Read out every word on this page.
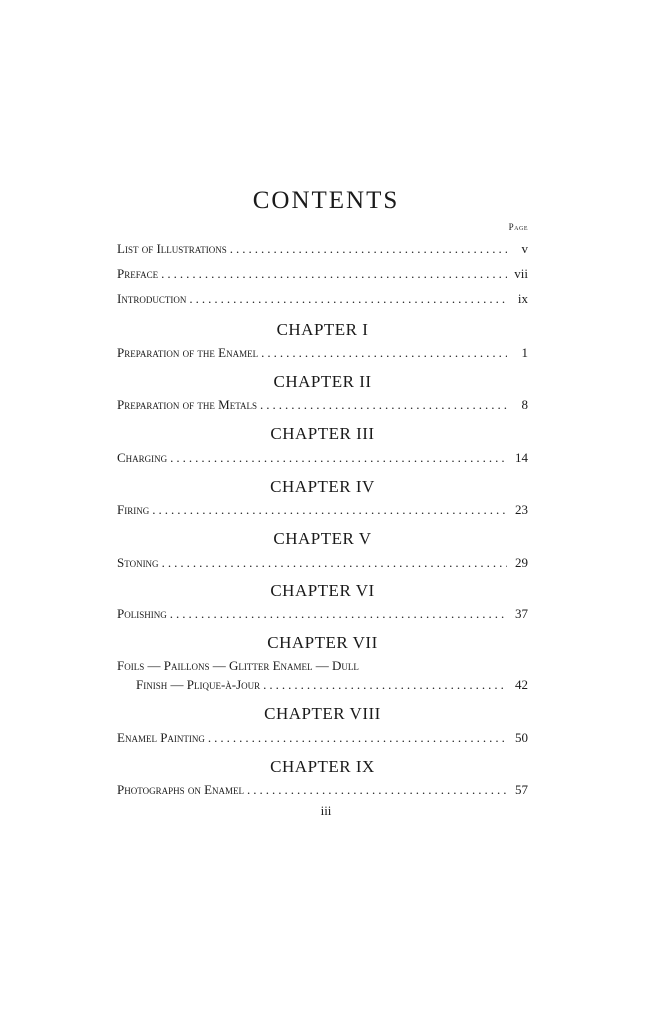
CONTENTS
Page
List of Illustrations .....	v
Preface .....	vii
Introduction .....	ix
CHAPTER I
Preparation of the Enamel .....	1
CHAPTER II
Preparation of the Metals .....	8
CHAPTER III
Charging .....	14
CHAPTER IV
Firing .....	23
CHAPTER V
Stoning .....	29
CHAPTER VI
Polishing .....	37
CHAPTER VII
Foils — Paillons — Glitter Enamel — Dull
Finish — Plique-à-Jour .....	42
CHAPTER VIII
Enamel Painting .....	50
CHAPTER IX
Photographs on Enamel .....	57
iii
